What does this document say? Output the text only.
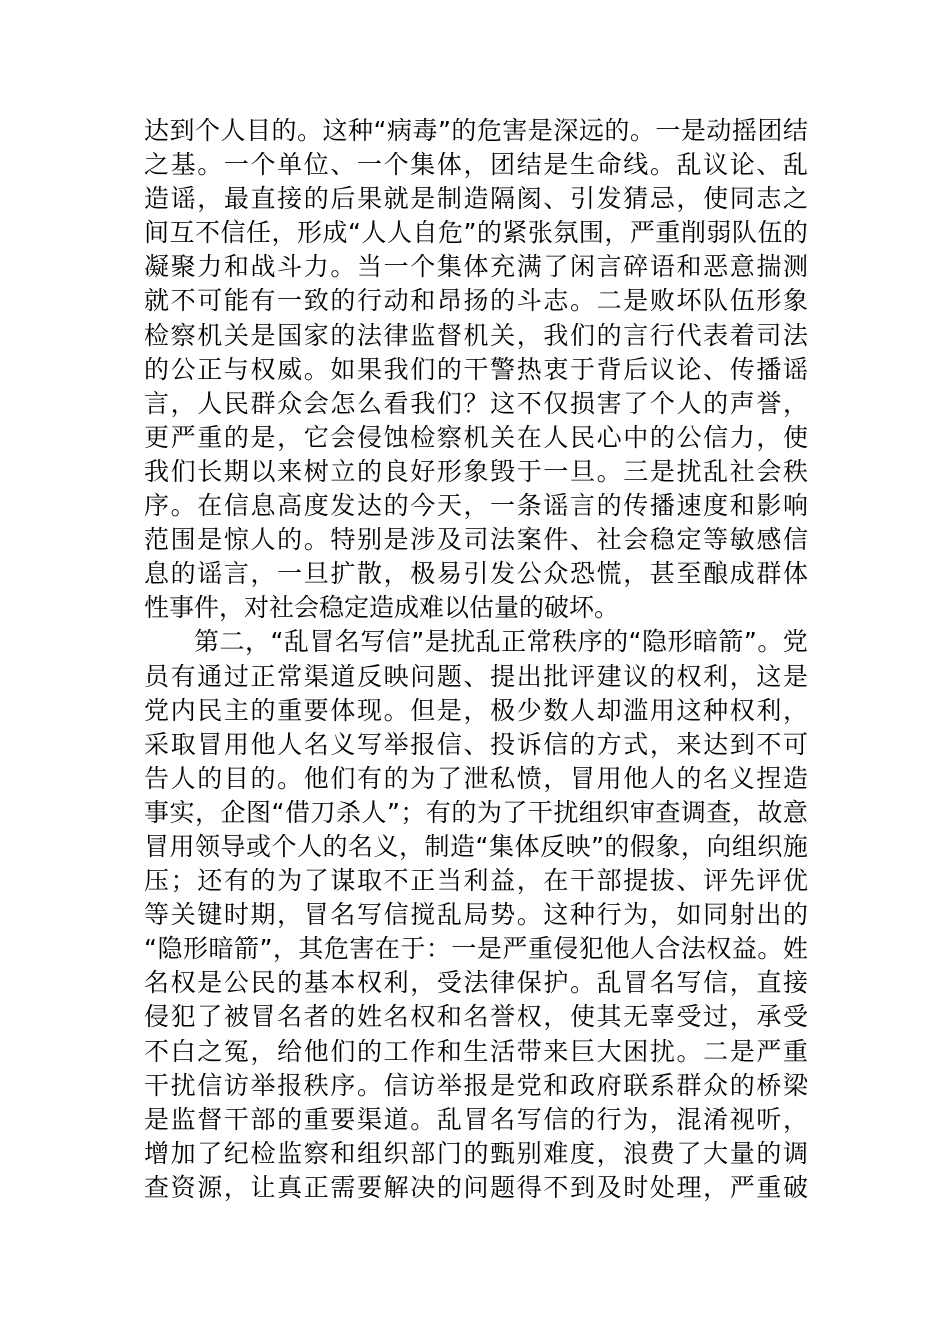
达到个人目的。这种“病毒”的危害是深远的。一是动摇团结
之基。一个单位、一个集体，团结是生命线。乱议论、乱
造谣，最直接的后果就是制造隔阂、引发猜忌，使同志之
间互不信任，形成“人人自危”的紧张氛围，严重削弱队伍的
凝聚力和战斗力。当一个集体充满了闲言碎语和恶意揣测
就不可能有一致的行动和昂扬的斗志。二是败坏队伍形象
检察机关是国家的法律监督机关，我们的言行代表着司法
的公正与权威。如果我们的干警热衷于背后议论、传播谣
言，人民群众会怎么看我们？这不仅损害了个人的声誉，
更严重的是，它会侵蚀检察机关在人民心中的公信力，使
我们长期以来树立的良好形象毁于一旦。三是扰乱社会秩
序。在信息高度发达的今天，一条谣言的传播速度和影响
范围是惊人的。特别是涉及司法案件、社会稳定等敏感信
息的谣言，一旦扩散，极易引发公众恐慌，甚至酿成群体
性事件，对社会稳定造成难以估量的破坏。
第二，“乱冒名写信”是扰乱正常秩序的“隐形暗箭”。党
员有通过正常渠道反映问题、提出批评建议的权利，这是
党内民主的重要体现。但是，极少数人却滥用这种权利，
采取冒用他人名义写举报信、投诉信的方式，来达到不可
告人的目的。他们有的为了泄私愤，冒用他人的名义捏造
事实，企图“借刀杀人”；有的为了干扰组织审查调查，故意
冒用领导或个人的名义，制造“集体反映”的假象，向组织施
压；还有的为了谋取不正当利益，在干部提拔、评先评优
等关键时期，冒名写信搅乱局势。这种行为，如同射出的
“隐形暗箭”，其危害在于：一是严重侵犯他人合法权益。姓
名权是公民的基本权利，受法律保护。乱冒名写信，直接
侵犯了被冒名者的姓名权和名誉权，使其无辜受过，承受
不白之冤，给他们的工作和生活带来巨大困扰。二是严重
干扰信访举报秩序。信访举报是党和政府联系群众的桥梁
是监督干部的重要渠道。乱冒名写信的行为，混淆视听，
增加了纪检监察和组织部门的甄别难度，浪费了大量的调
查资源，让真正需要解决的问题得不到及时处理，严重破
